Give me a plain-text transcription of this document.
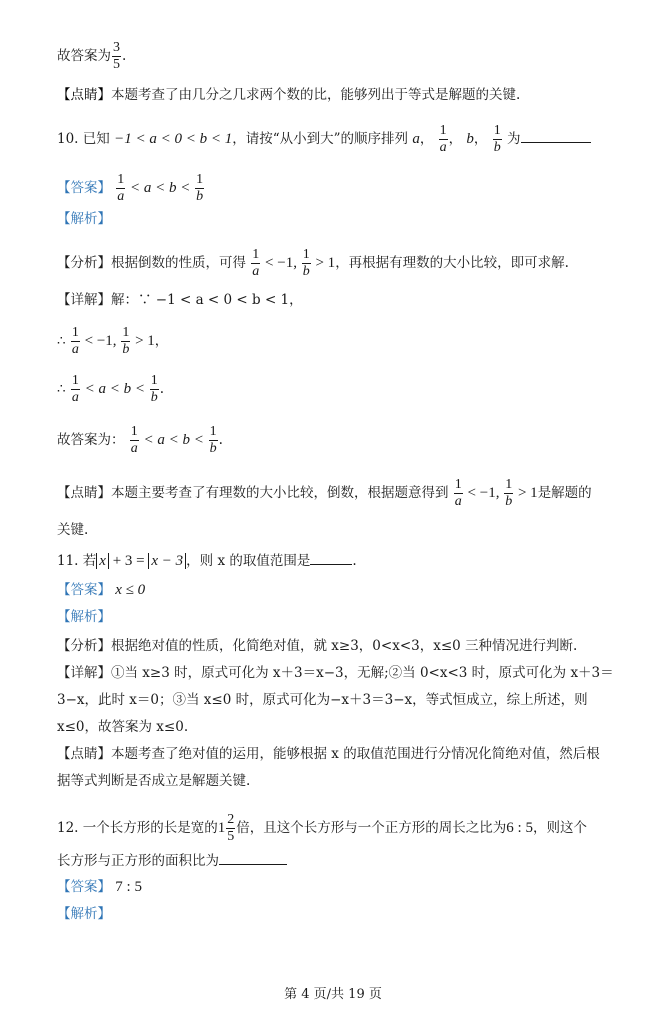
故答案为 $\frac{3}{5}$ .
【点睛】本题考查了由几分之几求两个数的比，能够列出于等式是解题的关键.
10. 已知 −1 < a < 0 < b < 1，请按“从小到大”的顺序排列 a， $\frac{1}{a}$ ， b， $\frac{1}{b}$ 为
【答案】 $\frac{1}{a} < a < b < \frac{1}{b}$
【解析】
【分析】根据倒数的性质，可得 $\frac{1}{a} < -1$, $\frac{1}{b} > 1$，再根据有理数的大小比较，即可求解.
【详解】解：∵ −1 < a < 0 < b < 1，
∴ $\frac{1}{a} < -1$, $\frac{1}{b} > 1$，
∴ $\frac{1}{a} < a < b < \frac{1}{b}$ .
故答案为： $\frac{1}{a} < a < b < \frac{1}{b}$ .
【点睛】本题主要考查了有理数的大小比较，倒数，根据题意得到 $\frac{1}{a} < -1$, $\frac{1}{b} > 1$是解题的
关键.
11. 若 x + 3 = x − 3 ，则 x 的取值范围是	.
【答案】 x ≤ 0
【解析】
【分析】根据绝对值的性质，化简绝对值，就 x≥3，0<x<3，x≤0 三种情况进行判断.
【详解】①当 x≥3 时，原式可化为 x＋3＝x−3，无解;②当 0<x<3 时，原式可化为 x＋3＝
3−x，此时 x＝0；③当 x≤0 时，原式可化为−x＋3＝3−x，等式恒成立，综上所述，则
x≤0，故答案为 x≤0.
【点睛】本题考查了绝对值的运用，能够根据 x 的取值范围进行分情况化简绝对值，然后根
据等式判断是否成立是解题关键.
12. 一个长方形的长是宽的$1 \frac{2}{5}$ 倍，且这个长方形与一个正方形的周长之比为6 : 5，则这个
长方形与正方形的面积比为
【答案】 7 : 5
【解析】
第 4 页/共 19 页
